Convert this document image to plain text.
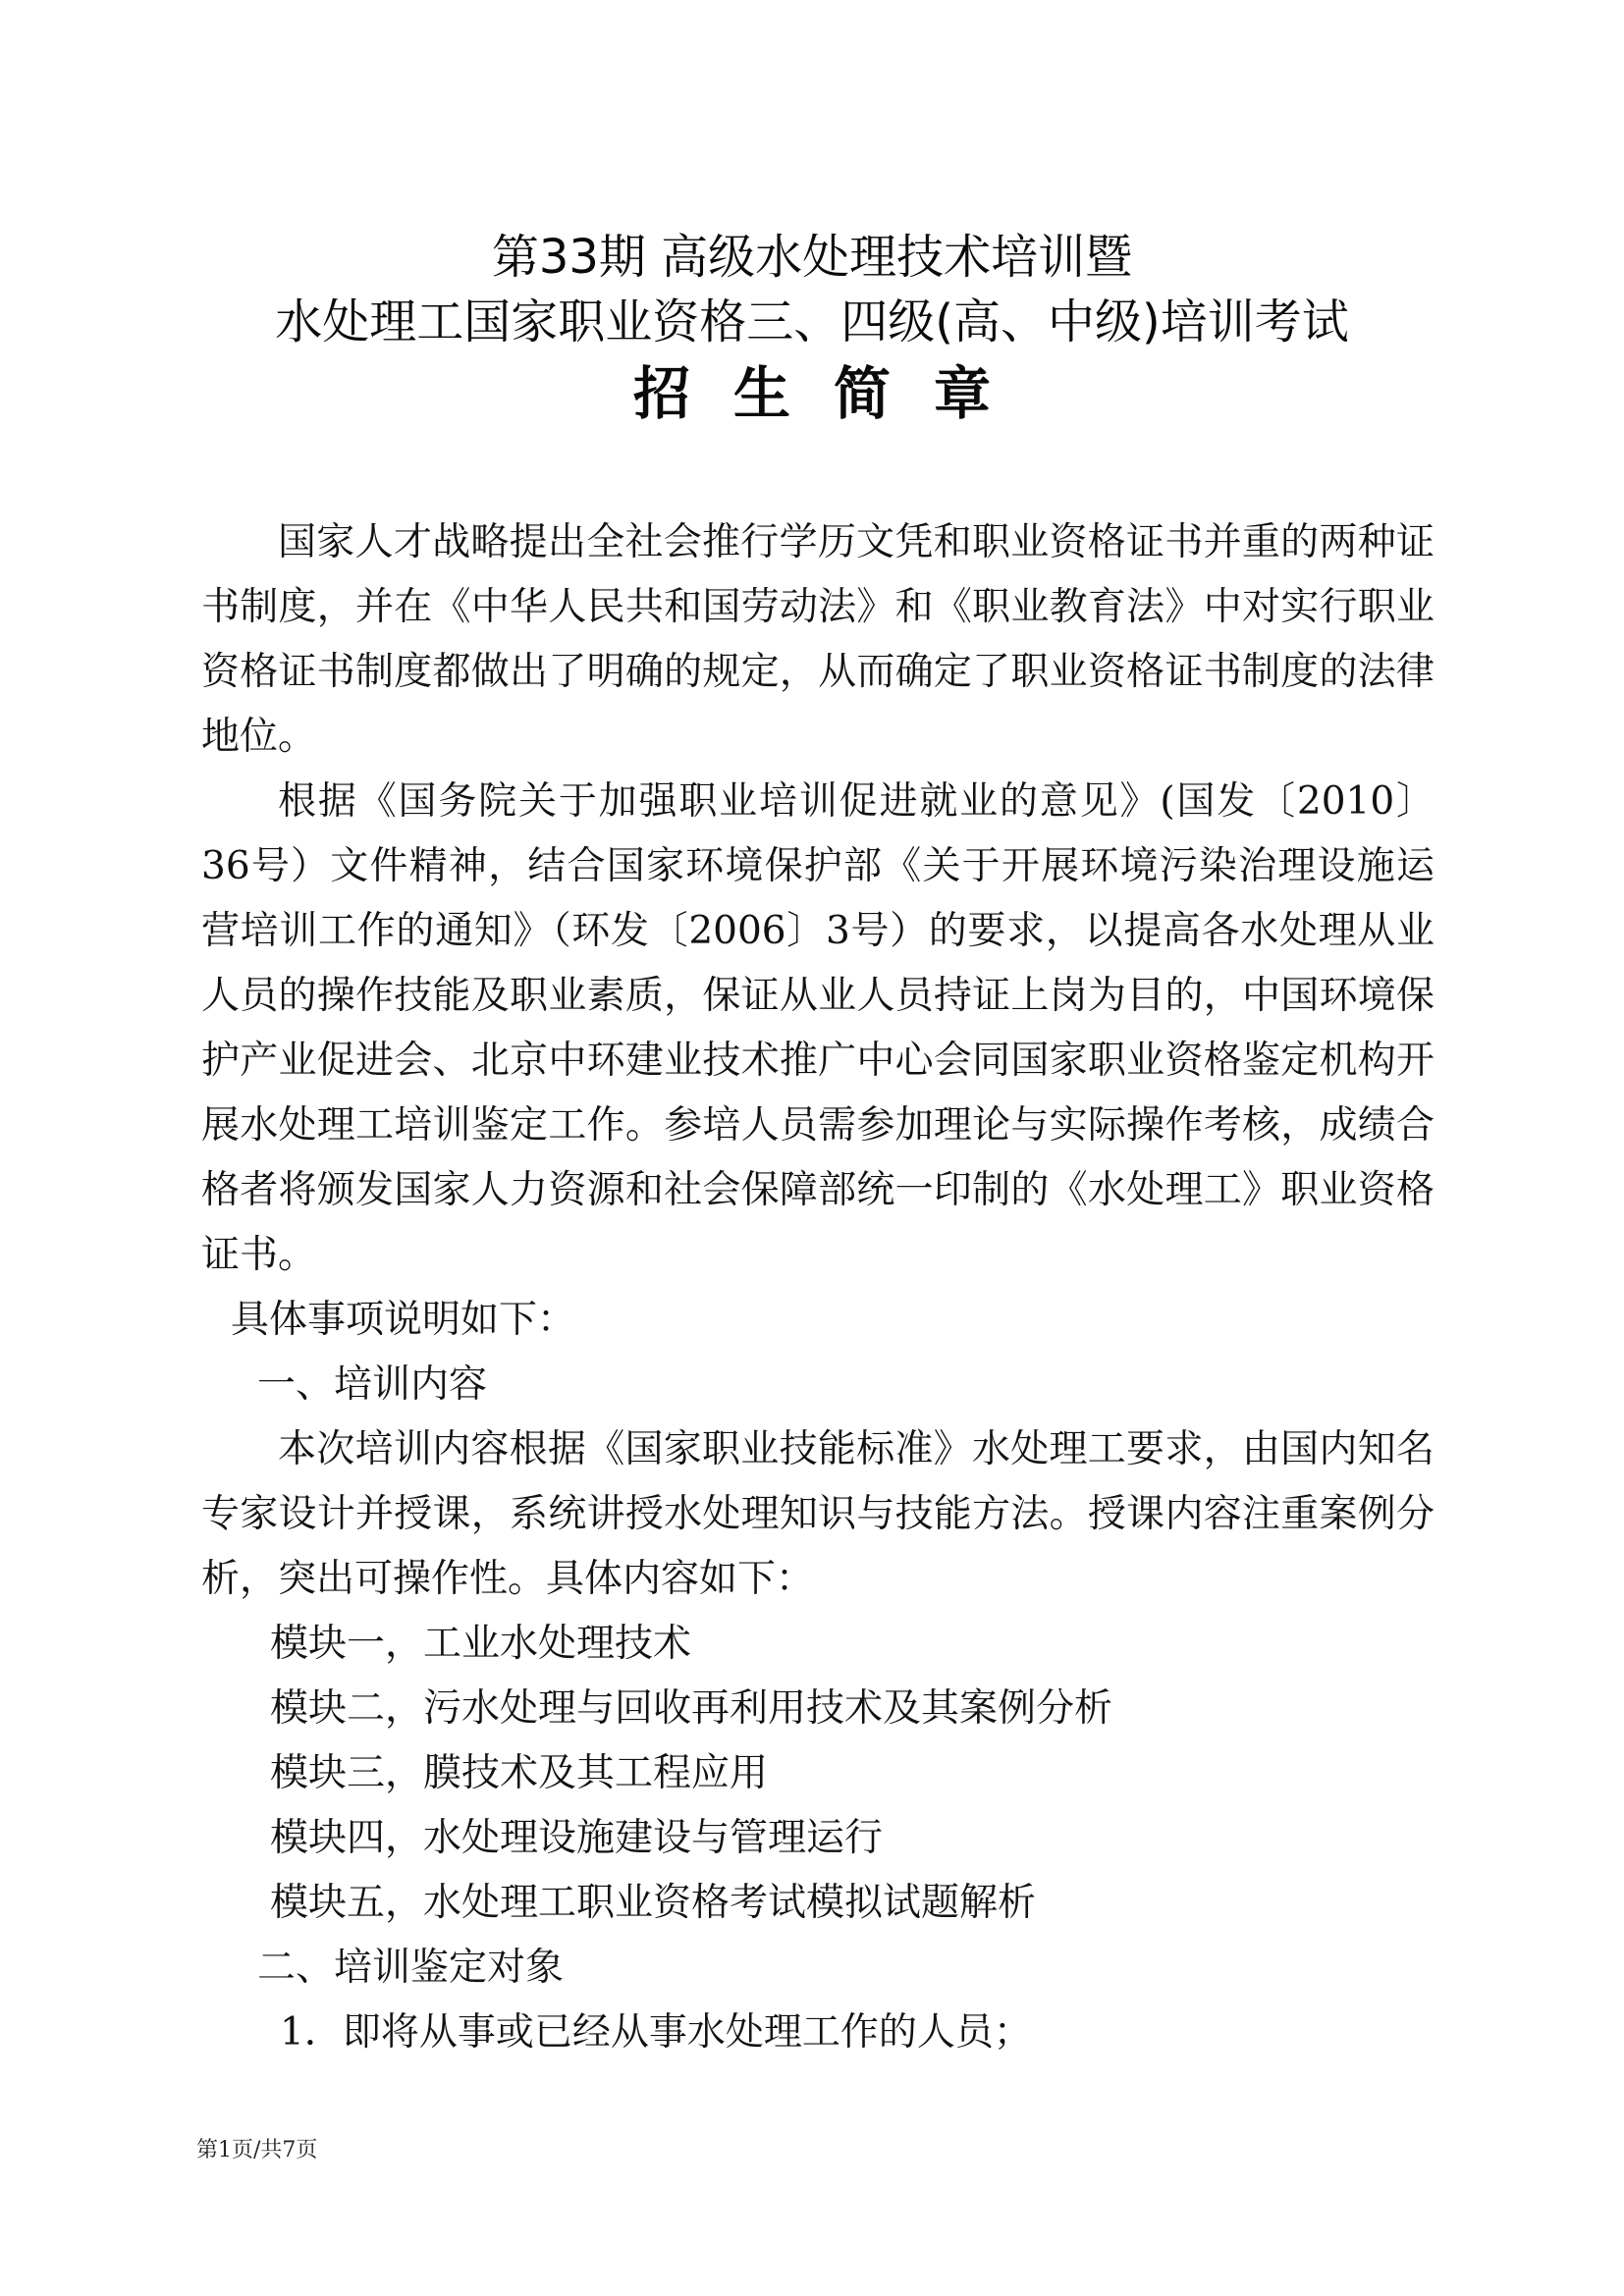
第33期 高级水处理技术培训暨
水处理工国家职业资格三、四级(高、中级)培训考试
招生简章

国家人才战略提出全社会推行学历文凭和职业资格证书并重的两种证书制度，并在《中华人民共和国劳动法》和《职业教育法》中对实行职业资格证书制度都做出了明确的规定，从而确定了职业资格证书制度的法律地位。

根据《国务院关于加强职业培训促进就业的意见》(国发〔2010〕36号）文件精神，结合国家环境保护部《关于开展环境污染治理设施运营培训工作的通知》（环发〔2006〕3号）的要求，以提高各水处理从业人员的操作技能及职业素质，保证从业人员持证上岗为目的，中国环境保护产业促进会、北京中环建业技术推广中心会同国家职业资格鉴定机构开展水处理工培训鉴定工作。参培人员需参加理论与实际操作考核，成绩合格者将颁发国家人力资源和社会保障部统一印制的《水处理工》职业资格证书。

具体事项说明如下：
一、培训内容

本次培训内容根据《国家职业技能标准》水处理工要求，由国内知名专家设计并授课，系统讲授水处理知识与技能方法。授课内容注重案例分析，突出可操作性。具体内容如下：

模块一，工业水处理技术
模块二，污水处理与回收再利用技术及其案例分析
模块三，膜技术及其工程应用
模块四，水处理设施建设与管理运行
模块五，水处理工职业资格考试模拟试题解析
二、培训鉴定对象
1．即将从事或已经从事水处理工作的人员；
第1页/共7页
